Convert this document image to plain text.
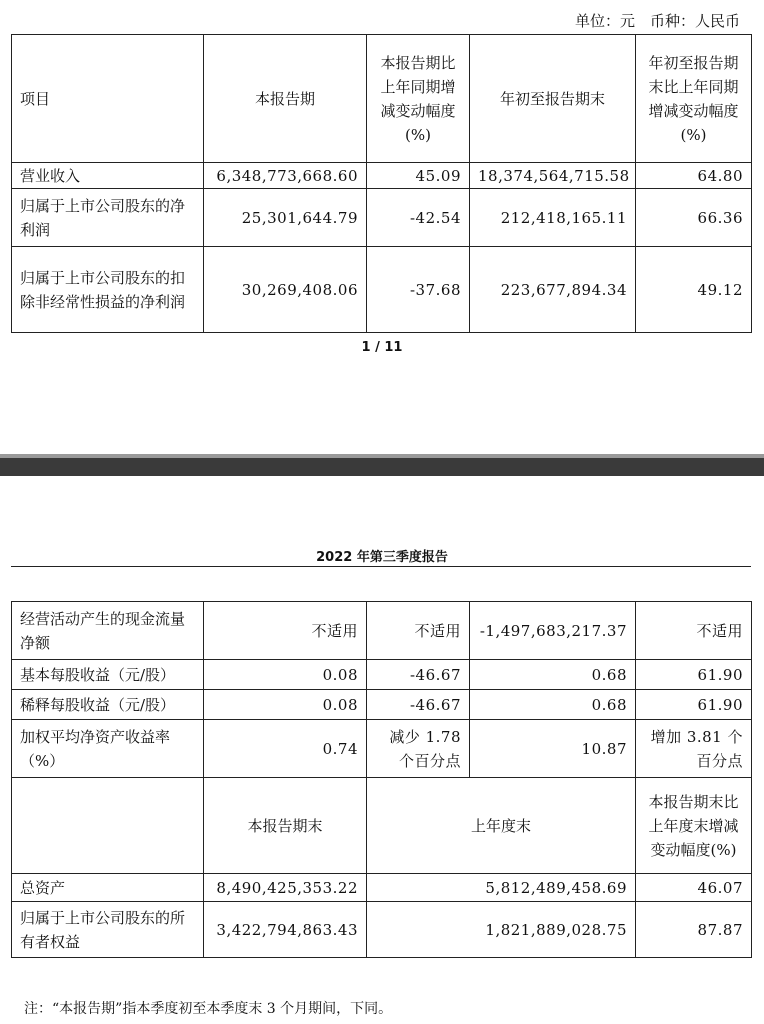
单位：元　币种：人民币
项目	本报告期	本报告期比上年同期增减变动幅度(%)	年初至报告期末	年初至报告期末比上年同期增减变动幅度(%)
营业收入	6,348,773,668.60	45.09	18,374,564,715.58	64.80
归属于上市公司股东的净利润	25,301,644.79	-42.54	212,418,165.11	66.36
归属于上市公司股东的扣除非经常性损益的净利润	30,269,408.06	-37.68	223,677,894.34	49.12
1 / 11
2022 年第三季度报告
经营活动产生的现金流量净额	不适用	不适用	-1,497,683,217.37	不适用
基本每股收益（元/股）	0.08	-46.67	0.68	61.90
稀释每股收益（元/股）	0.08	-46.67	0.68	61.90
加权平均净资产收益率（%）	0.74	减少 1.78 个百分点	10.87	增加 3.81 个百分点
	本报告期末	上年度末		本报告期末比上年度末增减变动幅度(%)
总资产	8,490,425,353.22	5,812,489,458.69		46.07
归属于上市公司股东的所有者权益	3,422,794,863.43	1,821,889,028.75		87.87
注：“本报告期”指本季度初至本季度末 3 个月期间，下同。
